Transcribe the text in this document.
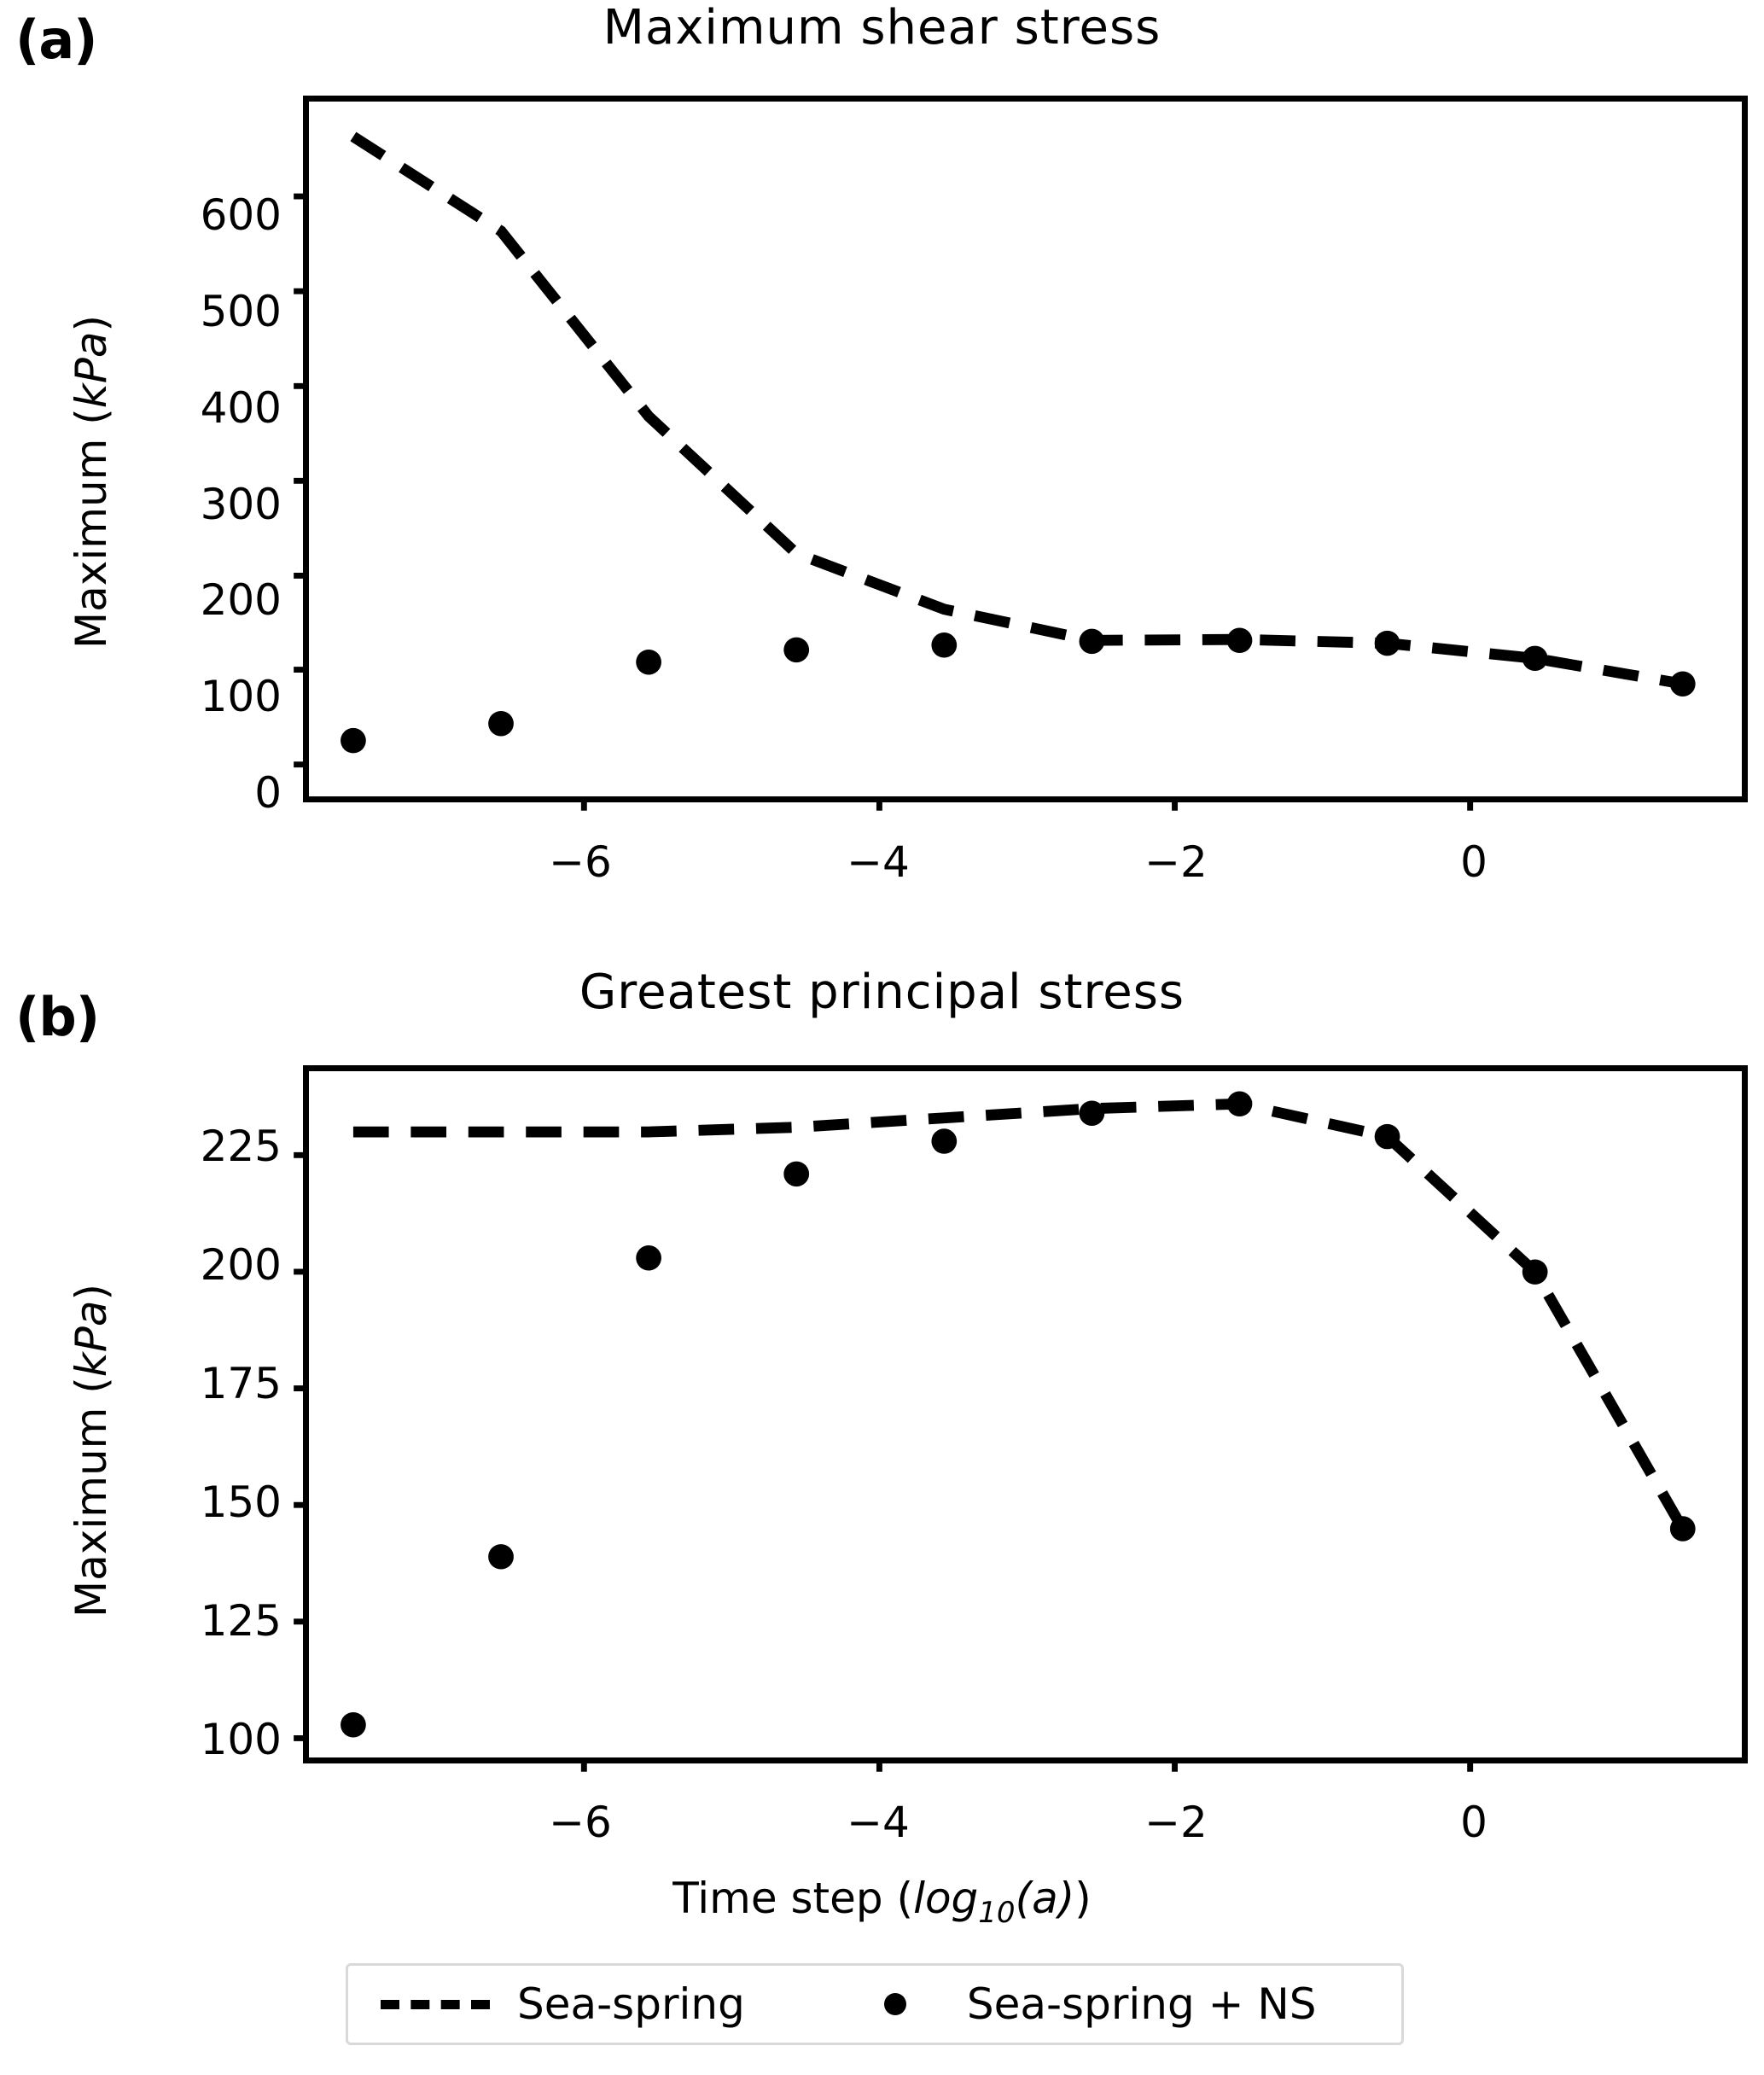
(a)	Maximum shear stress
Maximum (kPa)
0
100
200
300
400
500
600
−6	−4	−2	0
(b)	Greatest principal stress
Maximum (kPa)
100
125
150
175
200
225
−6	−4	−2	0
Time step $(\log_{10}(a))$
Sea-spring	Sea-spring + NS
